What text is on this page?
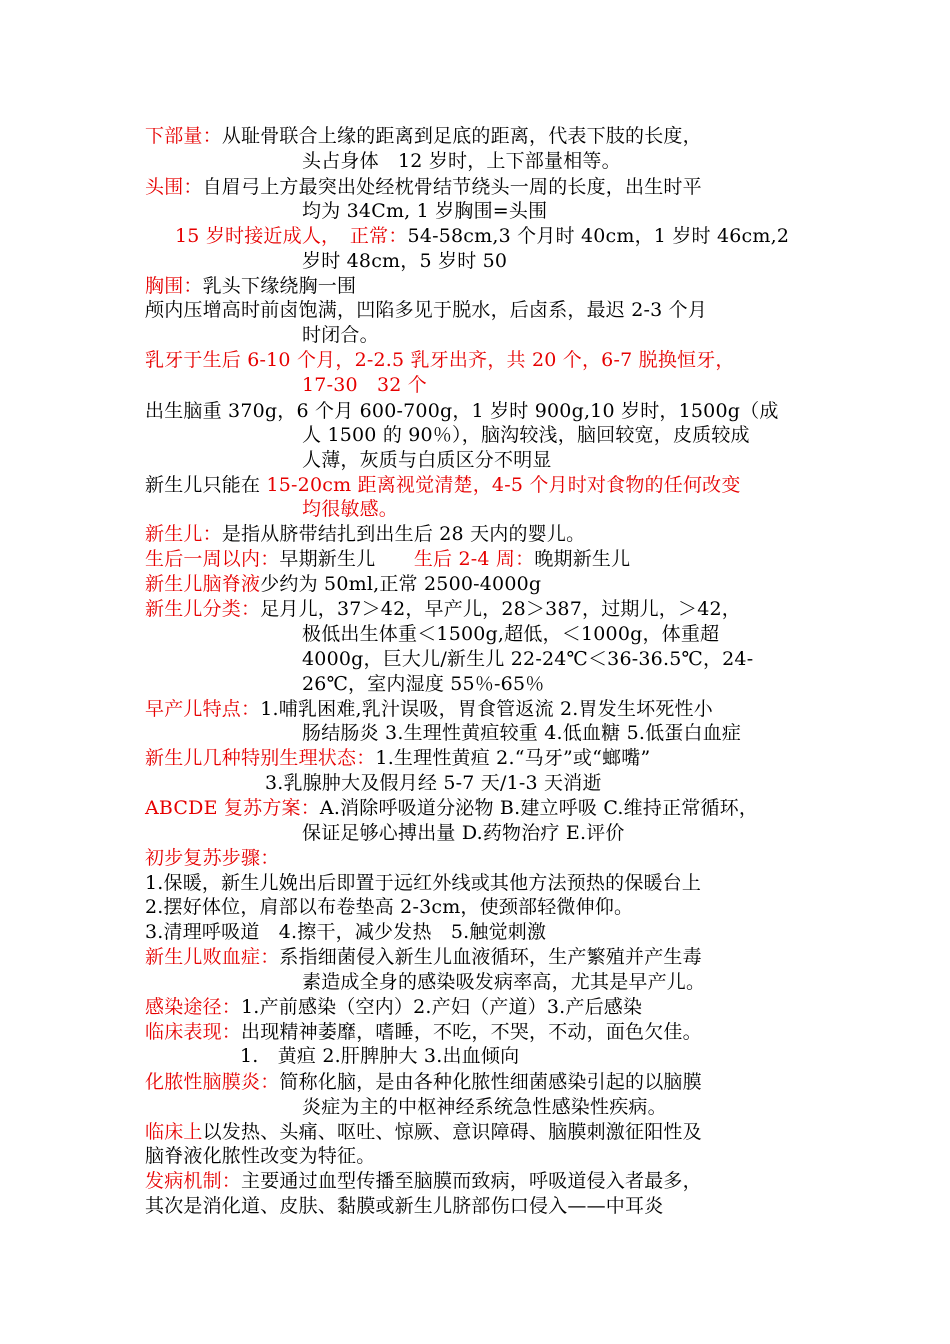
下部量：从耻骨联合上缘的距离到足底的距离，代表下肢的长度，
头占身体　12 岁时，上下部量相等。
头围：自眉弓上方最突出处经枕骨结节绕头一周的长度，出生时平
均为 34Cm, 1 岁胸围=头围
15 岁时接近成人，　正常：54-58cm,3 个月时 40cm，1 岁时 46cm,2
岁时 48cm，5 岁时 50
胸围：乳头下缘绕胸一围
颅内压增高时前卤饱满，凹陷多见于脱水，后卤系，最迟 2-3 个月
时闭合。
乳牙于生后 6-10 个月，2-2.5 乳牙出齐，共 20 个，6-7 脱换恒牙，
17-30　32 个
出生脑重 370g，6 个月 600-700g，1 岁时 900g,10 岁时，1500g（成
人 1500 的 90％），脑沟较浅，脑回较宽，皮质较成
人薄，灰质与白质区分不明显
新生儿只能在 15-20cm 距离视觉清楚，4-5 个月时对食物的任何改变
均很敏感。
新生儿：是指从脐带结扎到出生后 28 天内的婴儿。
生后一周以内：早期新生儿　　生后 2-4 周：晚期新生儿
新生儿脑脊液少约为 50ml,正常 2500-4000g
新生儿分类：足月儿，37＞42，早产儿，28＞387，过期儿，＞42，
极低出生体重＜1500g,超低，＜1000g，体重超
4000g，巨大儿/新生儿 22-24℃＜36-36.5℃，24-
26℃，室内湿度 55％-65％
早产儿特点：1.哺乳困难,乳汁误吸，胃食管返流 2.胃发生坏死性小
肠结肠炎 3.生理性黄疸较重 4.低血糖 5.低蛋白血症
新生儿几种特别生理状态：1.生理性黄疸 2.“马牙”或“螂嘴”
3.乳腺肿大及假月经 5-7 天/1-3 天消逝
ABCDE 复苏方案：A.消除呼吸道分泌物 B.建立呼吸 C.维持正常循环，
保证足够心搏出量 D.药物治疗 E.评价
初步复苏步骤：
1.保暖，新生儿娩出后即置于远红外线或其他方法预热的保暖台上
2.摆好体位，肩部以布卷垫高 2-3cm，使颈部轻微伸仰。
3.清理呼吸道　4.擦干，减少发热　5.触觉刺激
新生儿败血症：系指细菌侵入新生儿血液循环，生产繁殖并产生毒
素造成全身的感染吸发病率高，尤其是早产儿。
感染途径：1.产前感染（空内）2.产妇（产道）3.产后感染
临床表现：出现精神萎靡，嗜睡，不吃，不哭，不动，面色欠佳。
1.　黄疸 2.肝脾肿大 3.出血倾向
化脓性脑膜炎：简称化脑，是由各种化脓性细菌感染引起的以脑膜
炎症为主的中枢神经系统急性感染性疾病。
临床上以发热、头痛、呕吐、惊厥、意识障碍、脑膜刺激征阳性及
脑脊液化脓性改变为特征。
发病机制：主要通过血型传播至脑膜而致病，呼吸道侵入者最多，
其次是消化道、皮肤、黏膜或新生儿脐部伤口侵入——中耳炎
